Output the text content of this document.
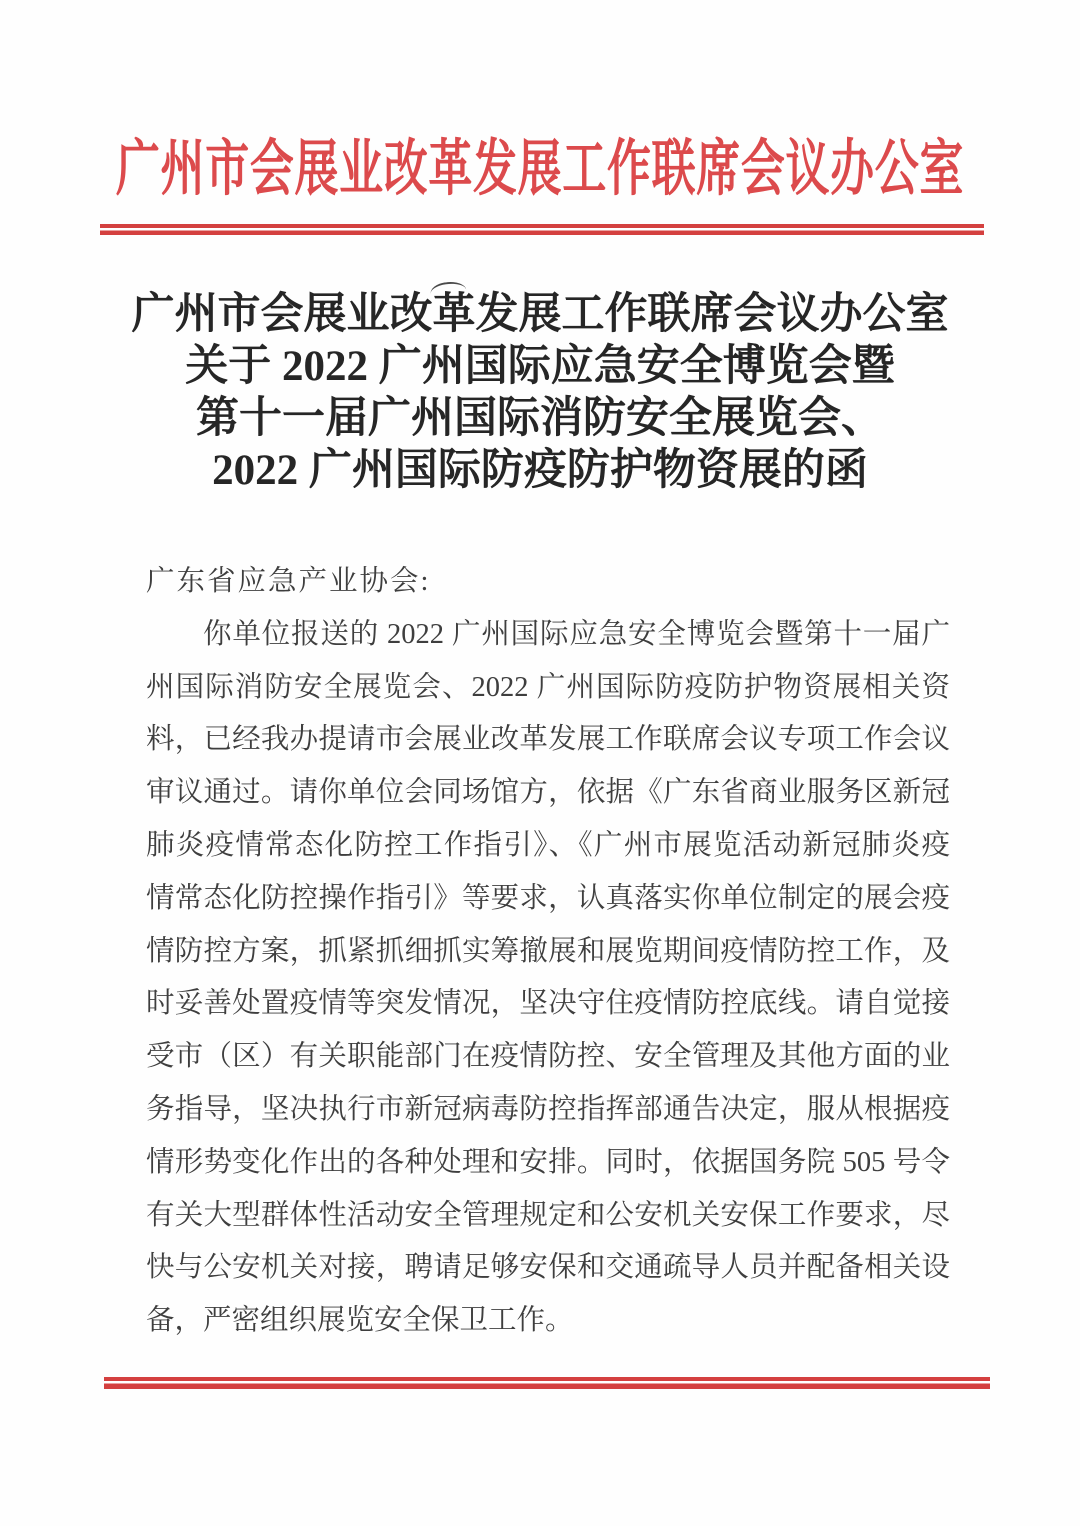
广州市会展业改革发展工作联席会议办公室
广州市会展业改革发展工作联席会议办公室
关于 2022 广州国际应急安全博览会暨
第十一届广州国际消防安全展览会、
2022 广州国际防疫防护物资展的函
广东省应急产业协会:
你单位报送的 2022 广州国际应急安全博览会暨第十一届广
州国际消防安全展览会、2022 广州国际防疫防护物资展相关资
料，已经我办提请市会展业改革发展工作联席会议专项工作会议
审议通过。请你单位会同场馆方，依据《广东省商业服务区新冠
肺炎疫情常态化防控工作指引》、《广州市展览活动新冠肺炎疫
情常态化防控操作指引》等要求，认真落实你单位制定的展会疫
情防控方案，抓紧抓细抓实筹撤展和展览期间疫情防控工作，及
时妥善处置疫情等突发情况，坚决守住疫情防控底线。请自觉接
受市（区）有关职能部门在疫情防控、安全管理及其他方面的业
务指导，坚决执行市新冠病毒防控指挥部通告决定，服从根据疫
情形势变化作出的各种处理和安排。同时，依据国务院 505 号令
有关大型群体性活动安全管理规定和公安机关安保工作要求，尽
快与公安机关对接，聘请足够安保和交通疏导人员并配备相关设
备，严密组织展览安全保卫工作。
